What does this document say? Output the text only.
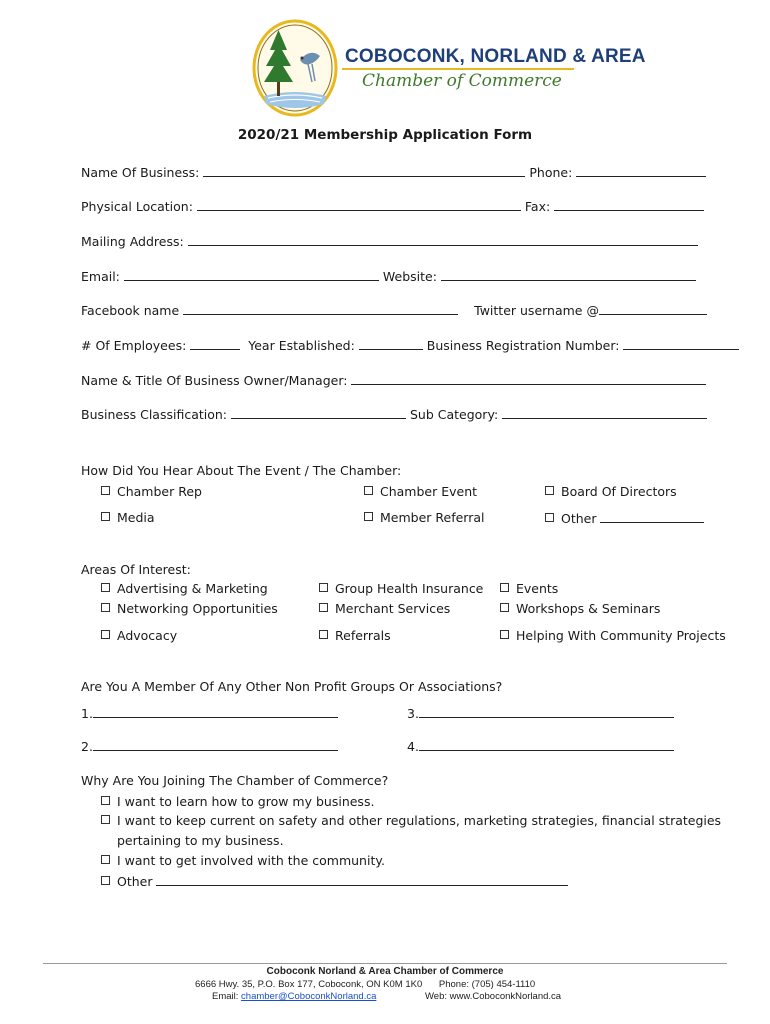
COBOCONK, NORLAND & AREA
Chamber of Commerce
2020/21 Membership Application Form
Name Of Business:	Phone:
Physical Location:	Fax:
Mailing Address:
Email:	Website:
Facebook name	Twitter username @
# Of Employees:	Year Established:	Business Registration Number:
Name & Title Of Business Owner/Manager:
Business Classification:	Sub Category:
How Did You Hear About The Event / The Chamber:
Chamber Rep	Chamber Event	Board Of Directors
Media	Member Referral	Other
Areas Of Interest:
Advertising & Marketing	Group Health Insurance	Events
Networking Opportunities	Merchant Services	Workshops & Seminars
Advocacy	Referrals	Helping With Community Projects
Are You A Member Of Any Other Non Profit Groups Or Associations?
1.	3.
2.	4.
Why Are You Joining The Chamber of Commerce?
I want to learn how to grow my business.
I want to keep current on safety and other regulations, marketing strategies, financial strategies
pertaining to my business.
I want to get involved with the community.
Other
Coboconk Norland & Area Chamber of Commerce
6666 Hwy. 35, P.O. Box 177, Coboconk, ON K0M 1K0 Phone: (705) 454-1110
Email: chamber@CoboconkNorland.ca	Web: www.CoboconkNorland.ca
